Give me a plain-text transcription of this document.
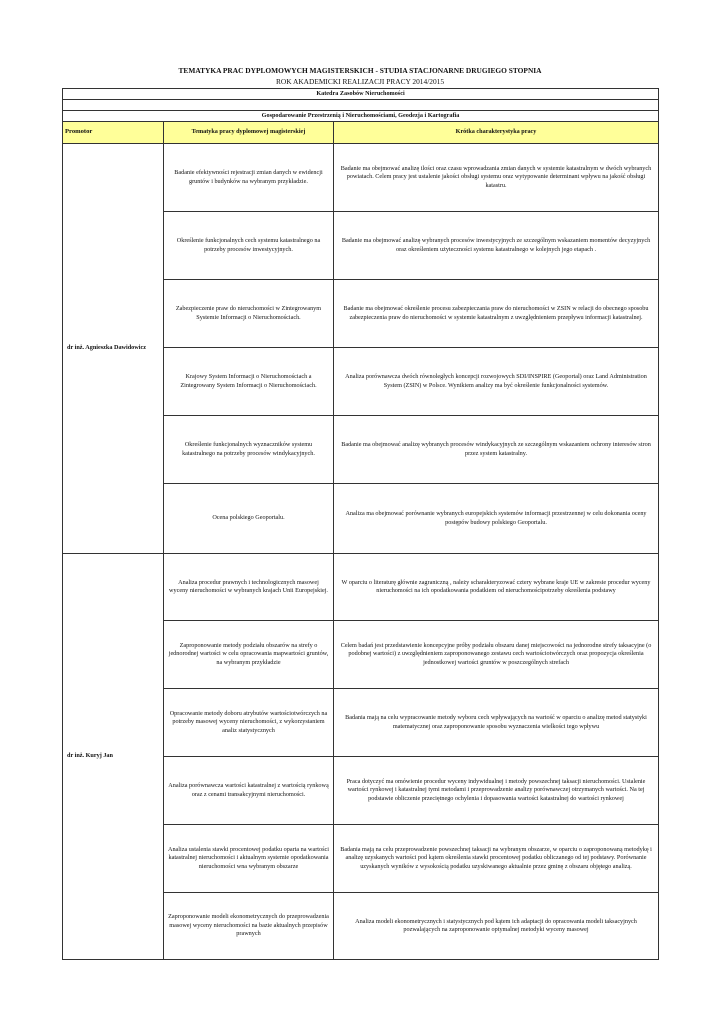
TEMATYKA PRAC DYPLOMOWYCH MAGISTERSKICH - STUDIA STACJONARNE DRUGIEGO STOPNIA
ROK AKADEMICKI REALIZACJI PRACY 2014/2015
Katedra Zasobów Nieruchomości		

Gospodarowanie Przestrzenią i Nieruchomościami, Geodezja i Kartografia		
Promotor	Tematyka pracy dyplomowej magisterskiej	Krótka charakterystyka pracy
dr inż. Agnieszka Dawidowicz	Badanie efektywności rejestracji zmian danych w ewidencji gruntów i budynków na wybranym przykładzie.	Badanie ma obejmować analizę ilości oraz czasu wprowadzania zmian danych w systemie katastralnym w dwóch wybranych powiatach. Celem pracy jest ustalenie jakości obsługi systemu oraz wytypowanie determinant wpływu na jakość obsługi katastru.
	Określenie funkcjonalnych cech systemu katastralnego na potrzeby procesów inwestycyjnych.	Badanie ma obejmować analizę wybranych procesów inwestycyjnych ze szczególnym wskazaniem momentów decyzyjnych oraz określeniem użyteczności systemu katastralnego w kolejnych jego etapach .
	Zabezpieczenie praw do nieruchomości w Zintegrowanym Systemie Informacji o Nieruchomościach.	Badanie ma obejmować określenie procesu zabezpieczania praw do nieruchomości w ZSIN w relacji do obecnego sposobu zabezpieczenia praw do nieruchomości w systemie katastralnym z uwzględnieniem przepływu informacji katastralnej.
	Krajowy System Informacji o Nieruchomościach a Zintegrowany System Informacji o Nieruchomościach.	Analiza porównawcza dwóch równoległych koncepcji rozwojowych SDI/INSPIRE (Geoportal) oraz Land Administration System (ZSIN) w Polsce. Wynikiem analizy ma być określenie funkcjonalności systemów.
	Określenie funkcjonalnych wyznaczników systemu katastralnego na potrzeby procesów windykacyjnych.	Badanie ma obejmować analizę wybranych procesów windykacyjnych ze szczególnym wskazaniem ochrony interesów stron przez system katastralny.
	Ocena polskiego Geoportalu.	Analiza ma obejmować porównanie wybranych europejskich systemów informacji przestrzennej w celu dokonania oceny postępów budowy polskiego Geoportalu.
dr inż. Kuryj Jan	Analiza procedur prawnych i technologicznych masowej wyceny nieruchomości w wybranych krajach Unii Europejskiej.	W oparciu o literaturę głównie zagraniczną , należy scharakteryzować cztery wybrane kraje UE w zakresie procedur wyceny nieruchomości na ich opodatkowania podatkiem od nieruchomościpotrzeby określenia podstawy
	Zaproponowanie metody podziału obszarów na strefy o jednorodnej wartości w celu opracowania mapwartości gruntów, na wybranym przykładzie	Celem badań jest przedstawienie koncepcyjne próby podziału obszaru danej miejscowości na jednorodne strefy taksacyjne (o podobnej wartości) z uwzględnieniem zaproponowanego zestawu cech wartościotwórczych oraz propozycja określenia jednostkowej wartości gruntów w poszczególnych strefach
	Opracowanie metody doboru atrybutów wartościotwórczych na potrzeby masowej wyceny nieruchomości, z wykorzystaniem analiz statystycznych	Badania mają na celu wypracowanie metody wyboru cech wpływających na wartość w oparciu o analizę metod statystyki matematycznej oraz zaproponowanie sposobu wyznaczenia wielkości tego wpływu
	Analiza porównawcza wartości katastralnej z wartością rynkową oraz z cenami transakcyjnymi nieruchomości.	Praca dotyczyć ma omówienie procedur wyceny indywidualnej i metody powszechnej taksacji nieruchomości. Ustalenie wartości rynkowej i katastralnej tymi metodami i przeprowadzenie analizy porównawczej otrzymanych wartości. Na tej podstawie obliczenie przeciętnego ochylenia i dopasowania wartości katastralnej do wartości rynkowej
	Analiza ustalenia stawki procentowej podatku oparta na wartości katastralnej nieruchomości i aktualnym systemie opodatkowania nieruchomości wna wybranym obszarze	Badania mają na celu przeprowadzenie powszechnej taksacji na wybranym obszarze, w oparciu o zaproponowaną metodykę i analizę uzyskanych wartości pod kątem określenia stawki procentowej podatku obliczanego od tej podstawy. Porównanie uzyskanych wyników z wysokością podatku uzyskiwanego aktualnie przez gminę z obszaru objętego analizą.
	Zaproponowanie modeli ekonometrycznych do przeprowadzenia masowej wyceny nieruchomości na bazie aktualnych przepisów prawnych	Analiza modeli ekonometrycznych i statystycznych pod kątem ich adaptacji do opracowania modeli taksacyjnych pozwalających na zaproponowanie optymalnej metodyki wyceny masowej
